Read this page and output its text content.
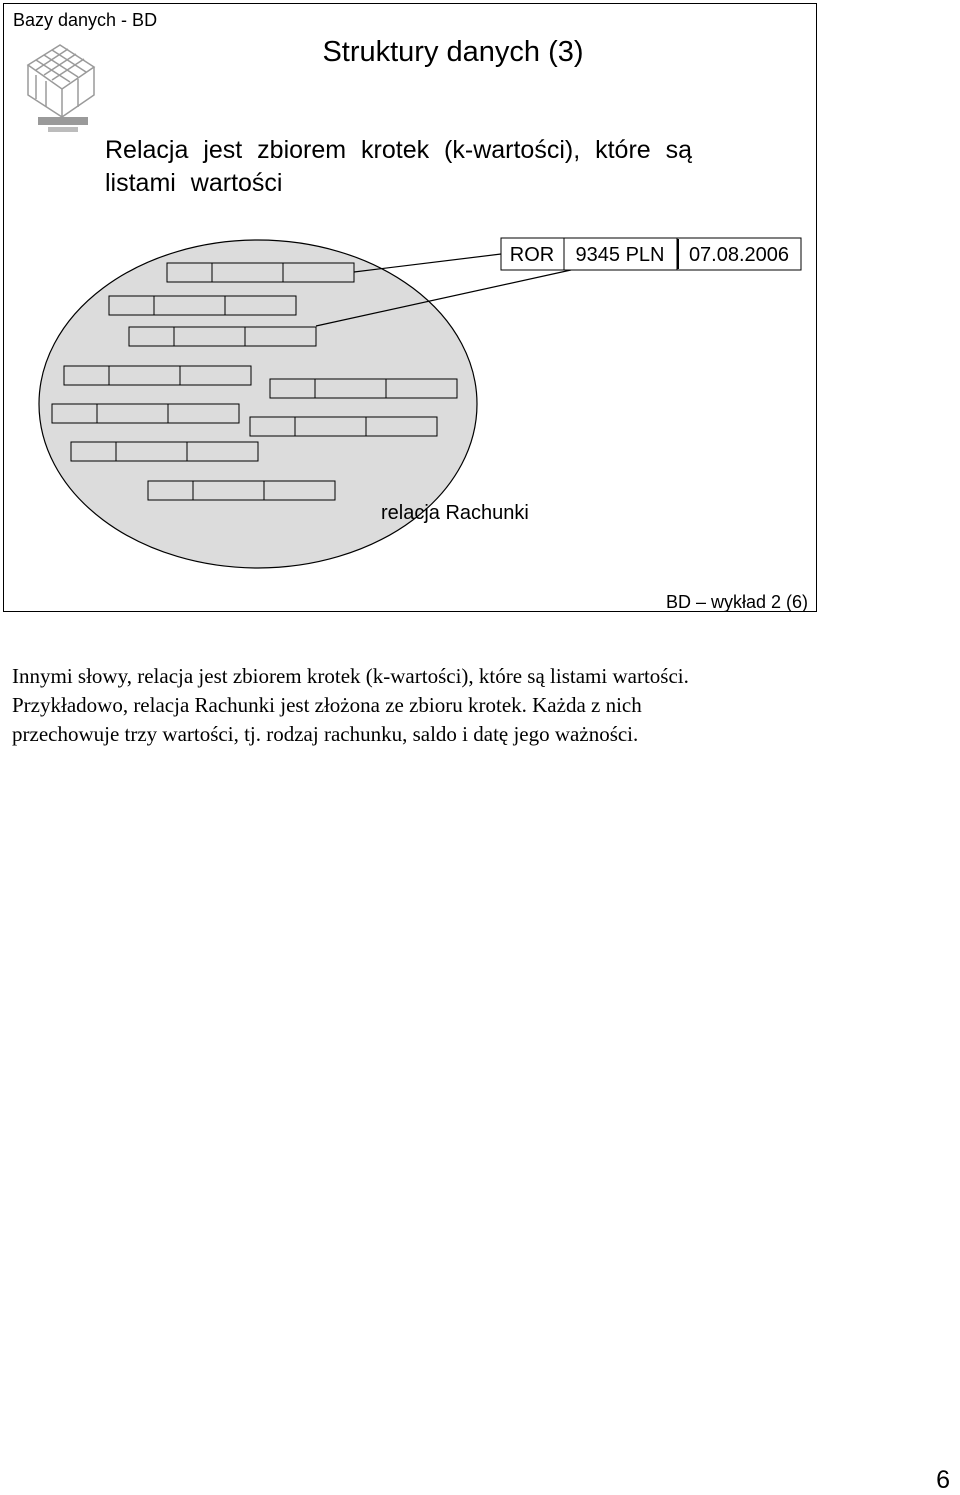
Bazy danych - BD
Struktury danych (3)
Relacja jest zbiorem krotek (k-wartości), które są listami wartości
ROR 9345 PLN 07.08.2006
relacja Rachunki
BD – wykład 2 (6)

Innymi słowy, relacja jest zbiorem krotek (k-wartości), które są listami wartości.

Przykładowo, relacja Rachunki jest złożona ze zbioru krotek. Każda z nich

przechowuje trzy wartości, tj. rodzaj rachunku, saldo i datę jego ważności.

6
